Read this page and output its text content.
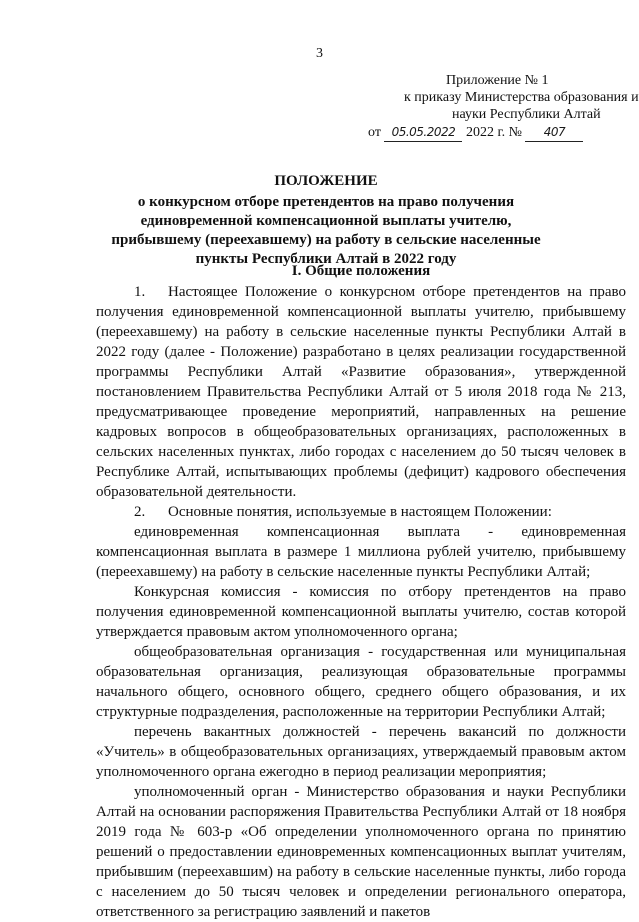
3
Приложение № 1
к приказу Министерства образования и
науки Республики Алтай
от 05.05.2022 2022 г. № 407
ПОЛОЖЕНИЕ
о конкурсном отборе претендентов на право получения единовременной компенсационной выплаты учителю, прибывшему (переехавшему) на работу в сельские населенные пункты Республики Алтай в 2022 году
I. Общие положения

1. Настоящее Положение о конкурсном отборе претендентов на право получения единовременной компенсационной выплаты учителю, прибывшему (переехавшему) на работу в сельские населенные пункты Республики Алтай в 2022 году (далее - Положение) разработано в целях реализации государственной программы Республики Алтай «Развитие образования», утвержденной постановлением Правительства Республики Алтай от 5 июля 2018 года № 213, предусматривающее проведение мероприятий, направленных на решение кадровых вопросов в общеобразовательных организациях, расположенных в сельских населенных пунктах, либо городах с населением до 50 тысяч человек в Республике Алтай, испытывающих проблемы (дефицит) кадрового обеспечения образовательной деятельности.

2. Основные понятия, используемые в настоящем Положении:

единовременная компенсационная выплата - единовременная компенсационная выплата в размере 1 миллиона рублей учителю, прибывшему (переехавшему) на работу в сельские населенные пункты Республики Алтай;

Конкурсная комиссия - комиссия по отбору претендентов на право получения единовременной компенсационной выплаты учителю, состав которой утверждается правовым актом уполномоченного органа;

общеобразовательная организация - государственная или муниципальная образовательная организация, реализующая образовательные программы начального общего, основного общего, среднего общего образования, и их структурные подразделения, расположенные на территории Республики Алтай;

перечень вакантных должностей - перечень вакансий по должности «Учитель» в общеобразовательных организациях, утверждаемый правовым актом уполномоченного органа ежегодно в период реализации мероприятия;

уполномоченный орган - Министерство образования и науки Республики Алтай на основании распоряжения Правительства Республики Алтай от 18 ноября 2019 года № 603-р «Об определении уполномоченного органа по принятию решений о предоставлении единовременных компенсационных выплат учителям, прибывшим (переехавшим) на работу в сельские населенные пункты, либо города с населением до 50 тысяч человек и определении регионального оператора, ответственного за регистрацию заявлений и пакетов
